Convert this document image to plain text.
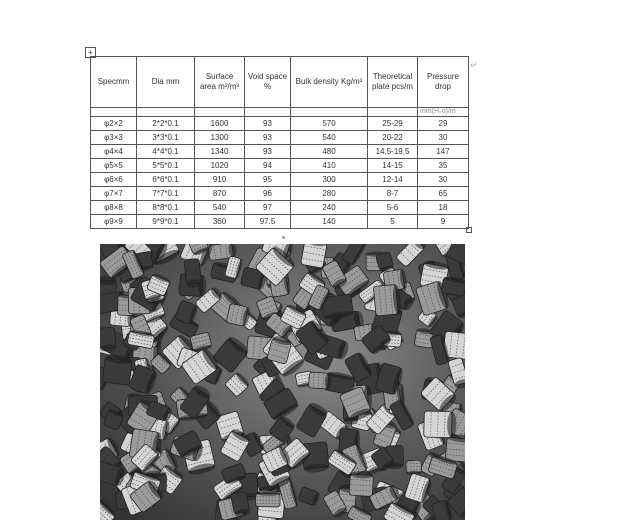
+
Specmm	Dia mm	Surface area m²/m³	Void space %	Bulk density Kg/m³	Theoretical plate pcs/m	Pressure drop
						mm(H₂o)/m
φ2×2	2*2*0.1	1600	93	570	25-29	29
φ3×3	3*3*0.1	1300	93	540	20-22	30
φ4×4	4*4*0.1	1340	93	480	14.5-19.5	147
φ5×5	5*5*0.1	1020	94	410	14-15	35
φ6×6	6*6*0.1	910	95	300	12-14	30
φ7×7	7*7*0.1	870	96	280	8-7	65
φ8×8	8*8*0.1	540	97	240	5-6	18
φ9×9	9*9*0.1	360	97.5	140	5	9
↵
